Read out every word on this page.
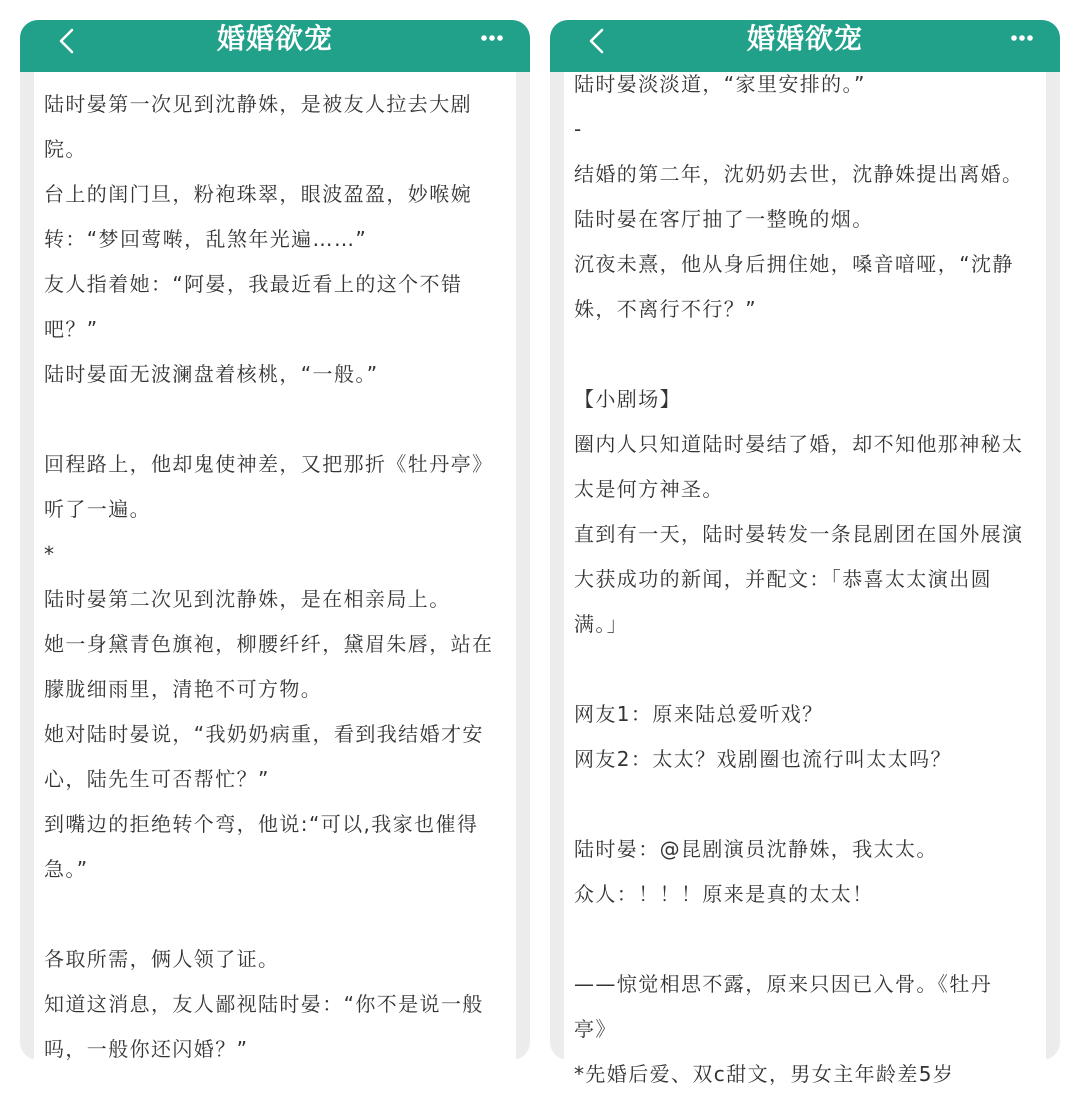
婚婚欲宠
陆时晏第一次见到沈静姝，是被友人拉去大剧
院。
台上的闺门旦，粉袍珠翠，眼波盈盈，妙喉婉
转：“梦回莺啭，乱煞年光遍……”
友人指着她：“阿晏，我最近看上的这个不错
吧？”
陆时晏面无波澜盘着核桃，“一般。”
回程路上，他却鬼使神差，又把那折《牡丹亭》
听了一遍。
*
陆时晏第二次见到沈静姝，是在相亲局上。
她一身黛青色旗袍，柳腰纤纤，黛眉朱唇，站在
朦胧细雨里，清艳不可方物。
她对陆时晏说，“我奶奶病重，看到我结婚才安
心，陆先生可否帮忙？”
到嘴边的拒绝转个弯，他说:“可以,我家也催得
急。”
各取所需，俩人领了证。
知道这消息，友人鄙视陆时晏：“你不是说一般
吗，一般你还闪婚？”
婚婚欲宠
陆时晏淡淡道，“家里安排的。”
-
结婚的第二年，沈奶奶去世，沈静姝提出离婚。
陆时晏在客厅抽了一整晚的烟。
沉夜未熹，他从身后拥住她，嗓音喑哑，“沈静
姝，不离行不行？”
【小剧场】
圈内人只知道陆时晏结了婚，却不知他那神秘太
太是何方神圣。
直到有一天，陆时晏转发一条昆剧团在国外展演
大获成功的新闻，并配文：「恭喜太太演出圆
满。」
网友1：原来陆总爱听戏？
网友2：太太？戏剧圈也流行叫太太吗？
陆时晏：@昆剧演员沈静姝，我太太。
众人：！！！原来是真的太太！
——惊觉相思不露，原来只因已入骨。《牡丹
亭》
*先婚后爱、双c甜文，男女主年龄差5岁
